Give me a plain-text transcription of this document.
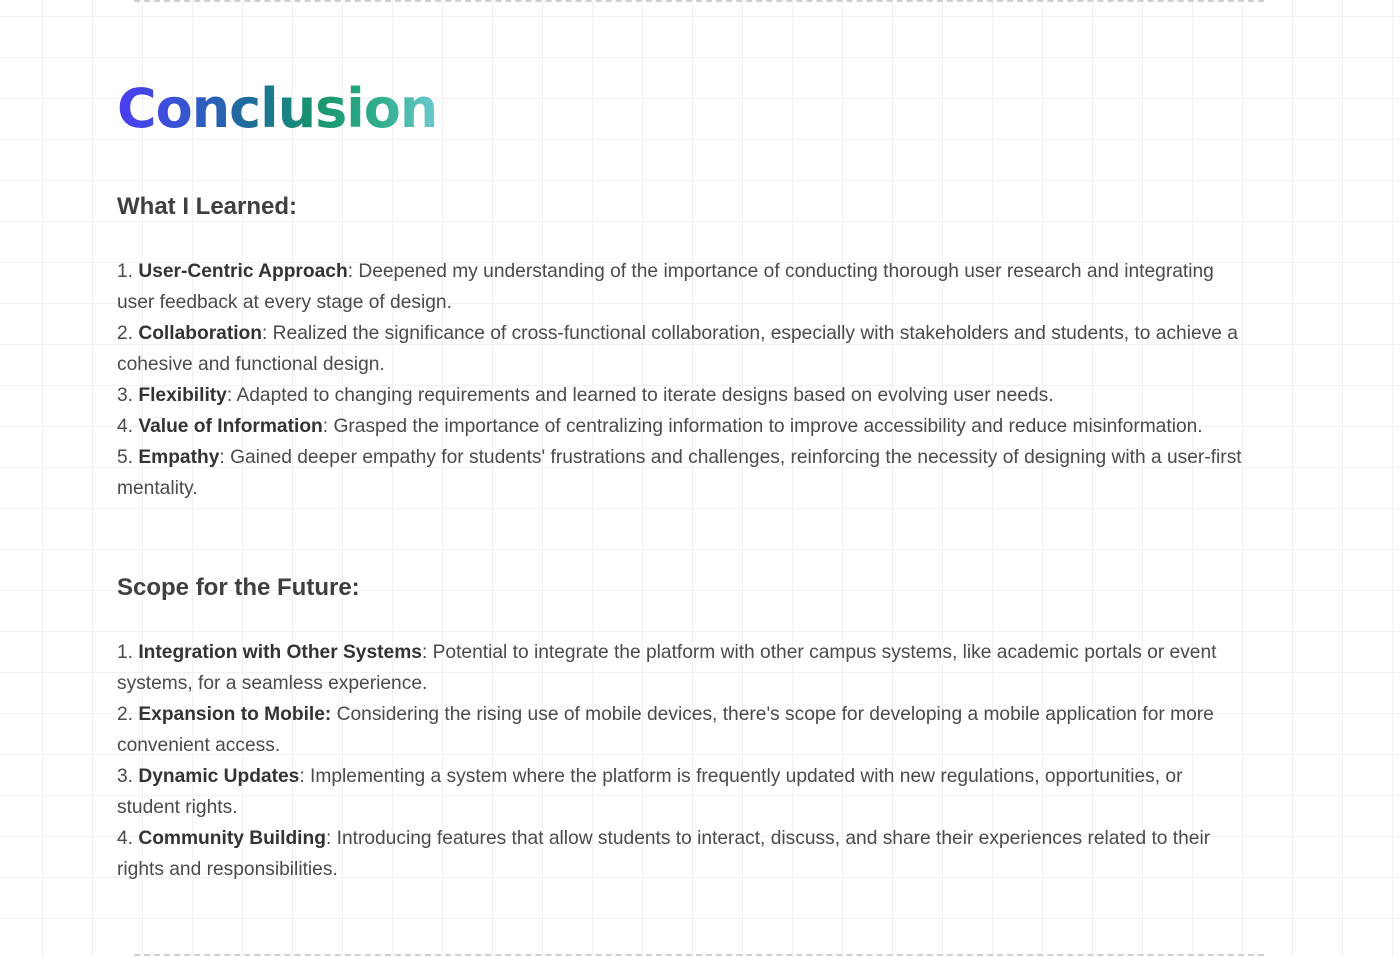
Conclusion
What I Learned:
1. User-Centric Approach: Deepened my understanding of the importance of conducting thorough user research and integrating user feedback at every stage of design.
2. Collaboration: Realized the significance of cross-functional collaboration, especially with stakeholders and students, to achieve a cohesive and functional design.
3. Flexibility: Adapted to changing requirements and learned to iterate designs based on evolving user needs.
4. Value of Information: Grasped the importance of centralizing information to improve accessibility and reduce misinformation.
5. Empathy: Gained deeper empathy for students' frustrations and challenges, reinforcing the necessity of designing with a user-first mentality.
Scope for the Future:
1. Integration with Other Systems: Potential to integrate the platform with other campus systems, like academic portals or event systems, for a seamless experience.
2. Expansion to Mobile: Considering the rising use of mobile devices, there's scope for developing a mobile application for more convenient access.
3. Dynamic Updates: Implementing a system where the platform is frequently updated with new regulations, opportunities, or student rights.
4. Community Building: Introducing features that allow students to interact, discuss, and share their experiences related to their rights and responsibilities.
